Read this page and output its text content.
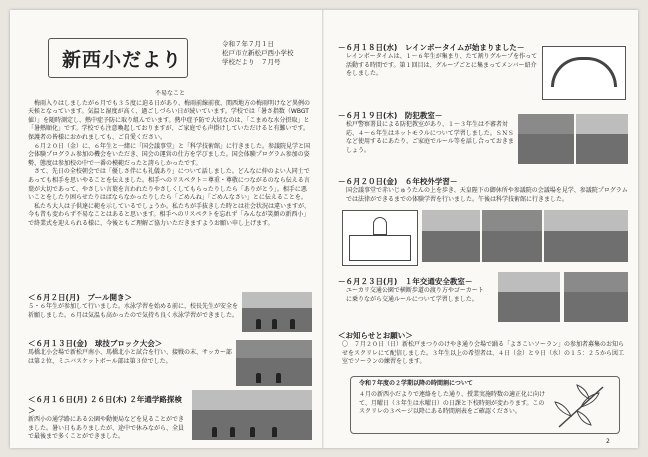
新西小だより
令和７年７月１日
松戸市立新松戸西小学校
学校だより　７月号
不易なこと

梅雨入りはしましたが６月でも３５度に迫る日があり、梅雨前線前夜、関西地方の梅雨明けなど異例の天候となっています。気温と湿度が高く、過ごしづらい日が続いています。学校では「暑さ指数（WBGT値）」を随時測定し、熱中症予防に取り組んでいます。熱中症予防で大切なのは、「こまめな水分摂取」と「暑熱順化」です。学校でも注意喚起しておりますが、ご家庭でも声掛けしていただけると有難いです。保護者の皆様におかれましても、ご自愛ください。

６月２０日（金）に、６年生と一緒に「国会議事堂」と「科学技術館」に行きました。参議院見学と国会体験プログラム参加の機会をいただき、国会の運営の仕方を学びました。国会体験プログラム参加の姿勢、態度は参加校の中で一番の模範だったと誇らしかったです。

さて、先日の全校朝会では「優しさ伴にも礼儀あり」について話しました。どんなに仲のよい人同士であっても相手を思いやることを伝えました。相手へのリスペクト＝尊重・尊敬につながるのなら伝える言葉が大切であって、やさしい言葉を言われたりやさしくしてもらったりしたら「ありがとう」。相手に悪いことをしたり困らせたりはばならなかったりしたら「ごめんね」「ごめんなさい」とに伝えることを。

私たち大人は子供達に範を示しているでしょうか。私たちが手抜きした時とは社会状況は違いますが、今も昔も変わらず不易なことはあると思います。相手へのリスペクトを忘れず「みんなが笑顔の新西小」で終業式を迎えられる様に、今後ともご理解ご協力いただきますようお願い申し上げます。

＜６月２日(月)　プール開き＞
５・６年生が参加して行いました。水泳学習を始める前に、校長先生が安全を祈願しました。６月は気温も高かったので気持ち良く水泳学習ができました。
＜６月１３日(金)　球技ブロック大会＞
馬橋北小会場で新松戸南小、馬橋北小と試合を行い、接戦の末、サッカー部は第２位、ミニバスケットボール部は第３位でした。
＜６月１６日(月) ２６日(木) ２年通学路探検＞
新西小の通学路にある公園や動便局などを見ることができました。暑い日もありましたが、途中で休みながら、全員で最後まで多くことができました。
－６月１８日(水)　レインボータイムが始まりました－
レインボータイムは、１～６年生が集まり、たて割りグループを作って活動する時間です。第１回目は、グループごとに集まってメンバー紹介をしました。
－６月１９日(木)　防犯教室－
松戸警察署員による防犯教室があり、１～３年生は不審者対応、４～６年生はネットモラルについて学習しました。ＳＮＳなど使用するにあたり、ご家庭でルール等を話し合っておきましょう。
－６月２０日(金)　６年校外学習－
国会議事堂で赤いじゅうたんの上を歩き、天皇陛下の御休所や参議院の会議場を見学、参議院プログラムでは法律ができるまでの体験学習を行いました。午後は科学技術館に行きました。
－６月２３日(月)　１年交通安全教室－
ユーカリ交通公園で横断歩道の渡り方やゴーカートに乗りながら交通ルールについて学習しました。
＜お知らせとお願い＞
〇　７月２０日（日）新松戸まつりのけやき通り会場で踊る「よさこいソーラン」の参加者募集のお知らせをスクリレにて配信しました。３年生以上の希望者は、４日（金）と９日（水）の１５：２５から図工室でソーランの練習をします。
令和７年度の２学期以降の時間割について
４月の新西小だよりで連絡をした通り、授業実施時数の適正化に向けて、月曜日（３年生は水曜日）の日課と下校時刻が変わります。このスクリレの３ページ以降にある時間割表をご確認ください。
2
